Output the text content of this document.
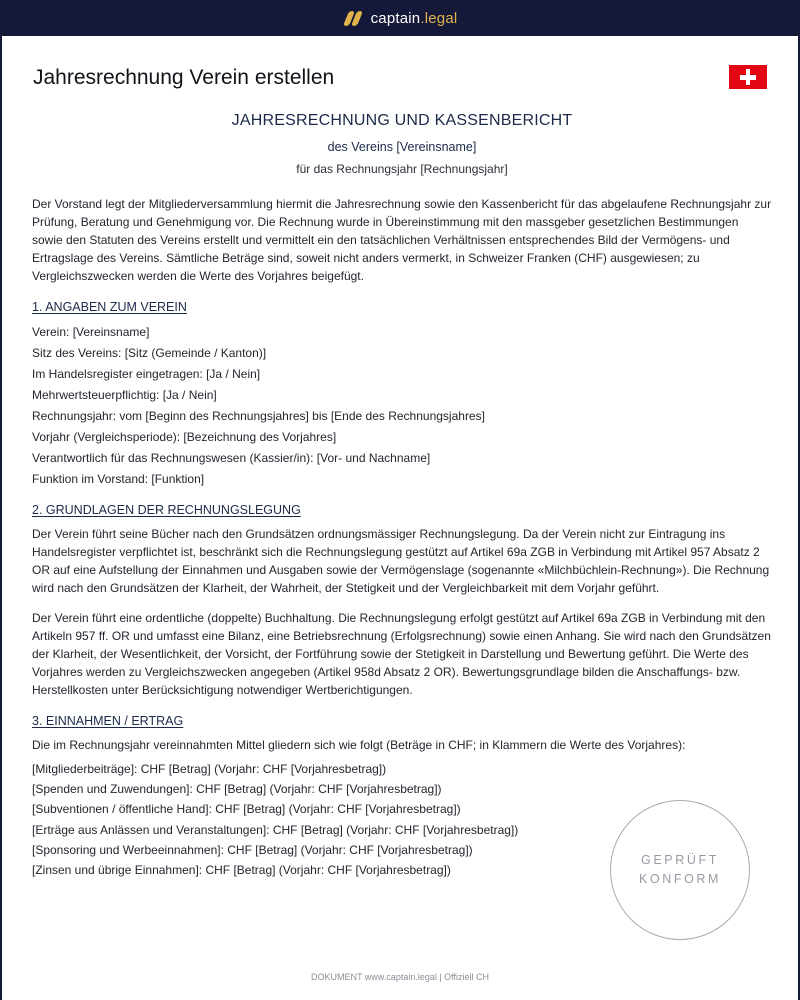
captain.legal
Jahresrechnung Verein erstellen
JAHRESRECHNUNG UND KASSENBERICHT
des Vereins [Vereinsname]
für das Rechnungsjahr [Rechnungsjahr]

Der Vorstand legt der Mitgliederversammlung hiermit die Jahresrechnung sowie den Kassenbericht für das abgelaufene Rechnungsjahr zur Prüfung, Beratung und Genehmigung vor. Die Rechnung wurde in Übereinstimmung mit den massgeber gesetzlichen Bestimmungen sowie den Statuten des Vereins erstellt und vermittelt ein den tatsächlichen Verhältnissen entsprechendes Bild der Vermögens- und Ertragslage des Vereins. Sämtliche Beträge sind, soweit nicht anders vermerkt, in Schweizer Franken (CHF) ausgewiesen; zu Vergleichszwecken werden die Werte des Vorjahres beigefügt.

1. ANGABEN ZUM VEREIN
Verein: [Vereinsname]
Sitz des Vereins: [Sitz (Gemeinde / Kanton)]
Im Handelsregister eingetragen: [Ja / Nein]
Mehrwertsteuerpflichtig: [Ja / Nein]
Rechnungsjahr: vom [Beginn des Rechnungsjahres] bis [Ende des Rechnungsjahres]
Vorjahr (Vergleichsperiode): [Bezeichnung des Vorjahres]
Verantwortlich für das Rechnungswesen (Kassier/in): [Vor- und Nachname]
Funktion im Vorstand: [Funktion]
2. GRUNDLAGEN DER RECHNUNGSLEGUNG

Der Verein führt seine Bücher nach den Grundsätzen ordnungsmässiger Rechnungslegung. Da der Verein nicht zur Eintragung ins Handelsregister verpflichtet ist, beschränkt sich die Rechnungslegung gestützt auf Artikel 69a ZGB in Verbindung mit Artikel 957 Absatz 2 OR auf eine Aufstellung der Einnahmen und Ausgaben sowie der Vermögenslage (sogenannte «Milchbüchlein-Rechnung»). Die Rechnung wird nach den Grundsätzen der Klarheit, der Wahrheit, der Stetigkeit und der Vergleichbarkeit mit dem Vorjahr geführt.

Der Verein führt eine ordentliche (doppelte) Buchhaltung. Die Rechnungslegung erfolgt gestützt auf Artikel 69a ZGB in Verbindung mit den Artikeln 957 ff. OR und umfasst eine Bilanz, eine Betriebsrechnung (Erfolgsrechnung) sowie einen Anhang. Sie wird nach den Grundsätzen der Klarheit, der Wesentlichkeit, der Vorsicht, der Fortführung sowie der Stetigkeit in Darstellung und Bewertung geführt. Die Werte des Vorjahres werden zu Vergleichszwecken angegeben (Artikel 958d Absatz 2 OR). Bewertungsgrundlage bilden die Anschaffungs- bzw. Herstellkosten unter Berücksichtigung notwendiger Wertberichtigungen.

3. EINNAHMEN / ERTRAG

Die im Rechnungsjahr vereinnahmten Mittel gliedern sich wie folgt (Beträge in CHF; in Klammern die Werte des Vorjahres):

[Mitgliederbeiträge]: CHF [Betrag] (Vorjahr: CHF [Vorjahresbetrag])
[Spenden und Zuwendungen]: CHF [Betrag] (Vorjahr: CHF [Vorjahresbetrag])
[Subventionen / öffentliche Hand]: CHF [Betrag] (Vorjahr: CHF [Vorjahresbetrag])
[Erträge aus Anlässen und Veranstaltungen]: CHF [Betrag] (Vorjahr: CHF [Vorjahresbetrag])
[Sponsoring und Werbeeinnahmen]: CHF [Betrag] (Vorjahr: CHF [Vorjahresbetrag])
[Zinsen und übrige Einnahmen]: CHF [Betrag] (Vorjahr: CHF [Vorjahresbetrag])
GEPRÜFT
KONFORM
DOKUMENT www.captain.legal | Offiziell CH
